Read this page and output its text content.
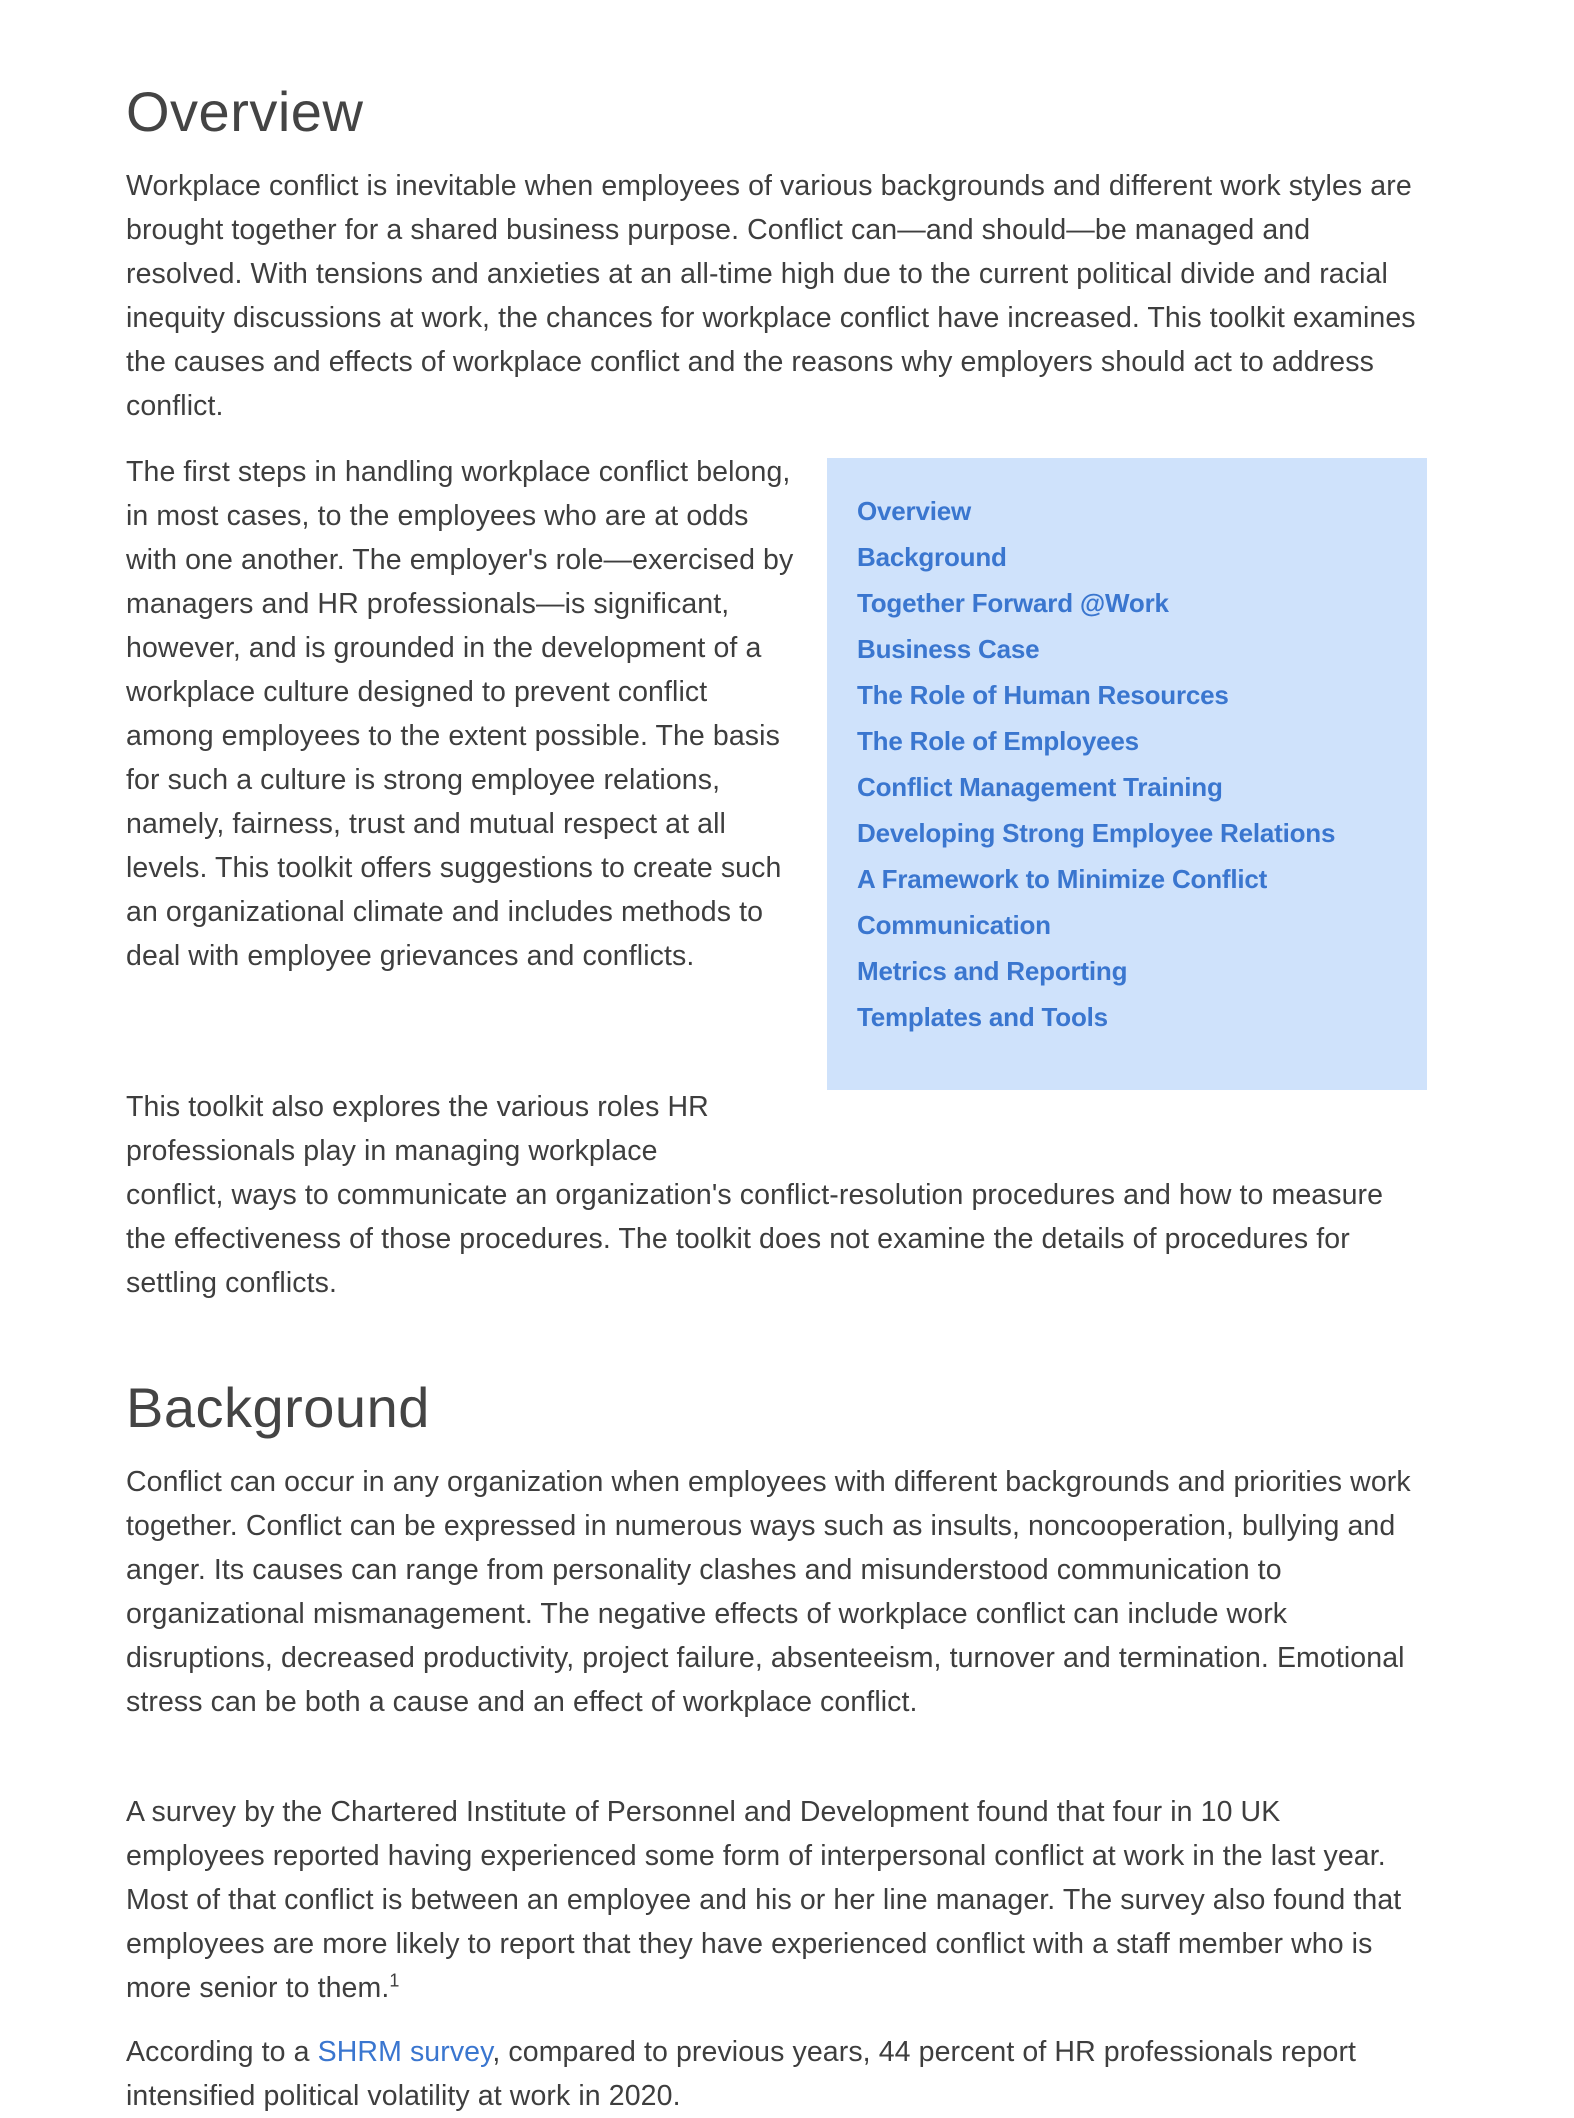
Overview

Workplace conflict is inevitable when employees of various backgrounds and different work styles are brought together for a shared business purpose. Conflict can—and should—be managed and resolved. With tensions and anxieties at an all-time high due to the current political divide and racial inequity discussions at work, the chances for workplace conflict have increased. This toolkit examines the causes and effects of workplace conflict and the reasons why employers should act to address conflict.

The first steps in handling workplace conflict belong, in most cases, to the employees who are at odds with one another. The employer's role—exercised by managers and HR professionals—is significant, however, and is grounded in the development of a workplace culture designed to prevent conflict among employees to the extent possible. The basis for such a culture is strong employee relations, namely, fairness, trust and mutual respect at all levels. This toolkit offers suggestions to create such an organizational climate and includes methods to deal with employee grievances and conflicts.

This toolkit also explores the various roles HR
professionals play in managing workplace
conflict, ways to communicate an organization's conflict-resolution procedures and how to measure the effectiveness of those procedures. The toolkit does not examine the details of procedures for settling conflicts.

Background

Conflict can occur in any organization when employees with different backgrounds and priorities work together. Conflict can be expressed in numerous ways such as insults, noncooperation, bullying and anger. Its causes can range from personality clashes and misunderstood communication to organizational mismanagement. The negative effects of workplace conflict can include work disruptions, decreased productivity, project failure, absenteeism, turnover and termination. Emotional stress can be both a cause and an effect of workplace conflict.

A survey by the Chartered Institute of Personnel and Development found that four in 10 UK employees reported having experienced some form of interpersonal conflict at work in the last year. Most of that conflict is between an employee and his or her line manager. The survey also found that employees are more likely to report that they have experienced conflict with a staff member who is more senior to them.$^1$

According to a SHRM survey, compared to previous years, 44 percent of HR professionals report intensified political volatility at work in 2020.

Overview
Background
Together Forward @Work
Business Case
The Role of Human Resources
The Role of Employees
Conflict Management Training
Developing Strong Employee Relations
A Framework to Minimize Conflict
Communication
Metrics and Reporting
Templates and Tools
